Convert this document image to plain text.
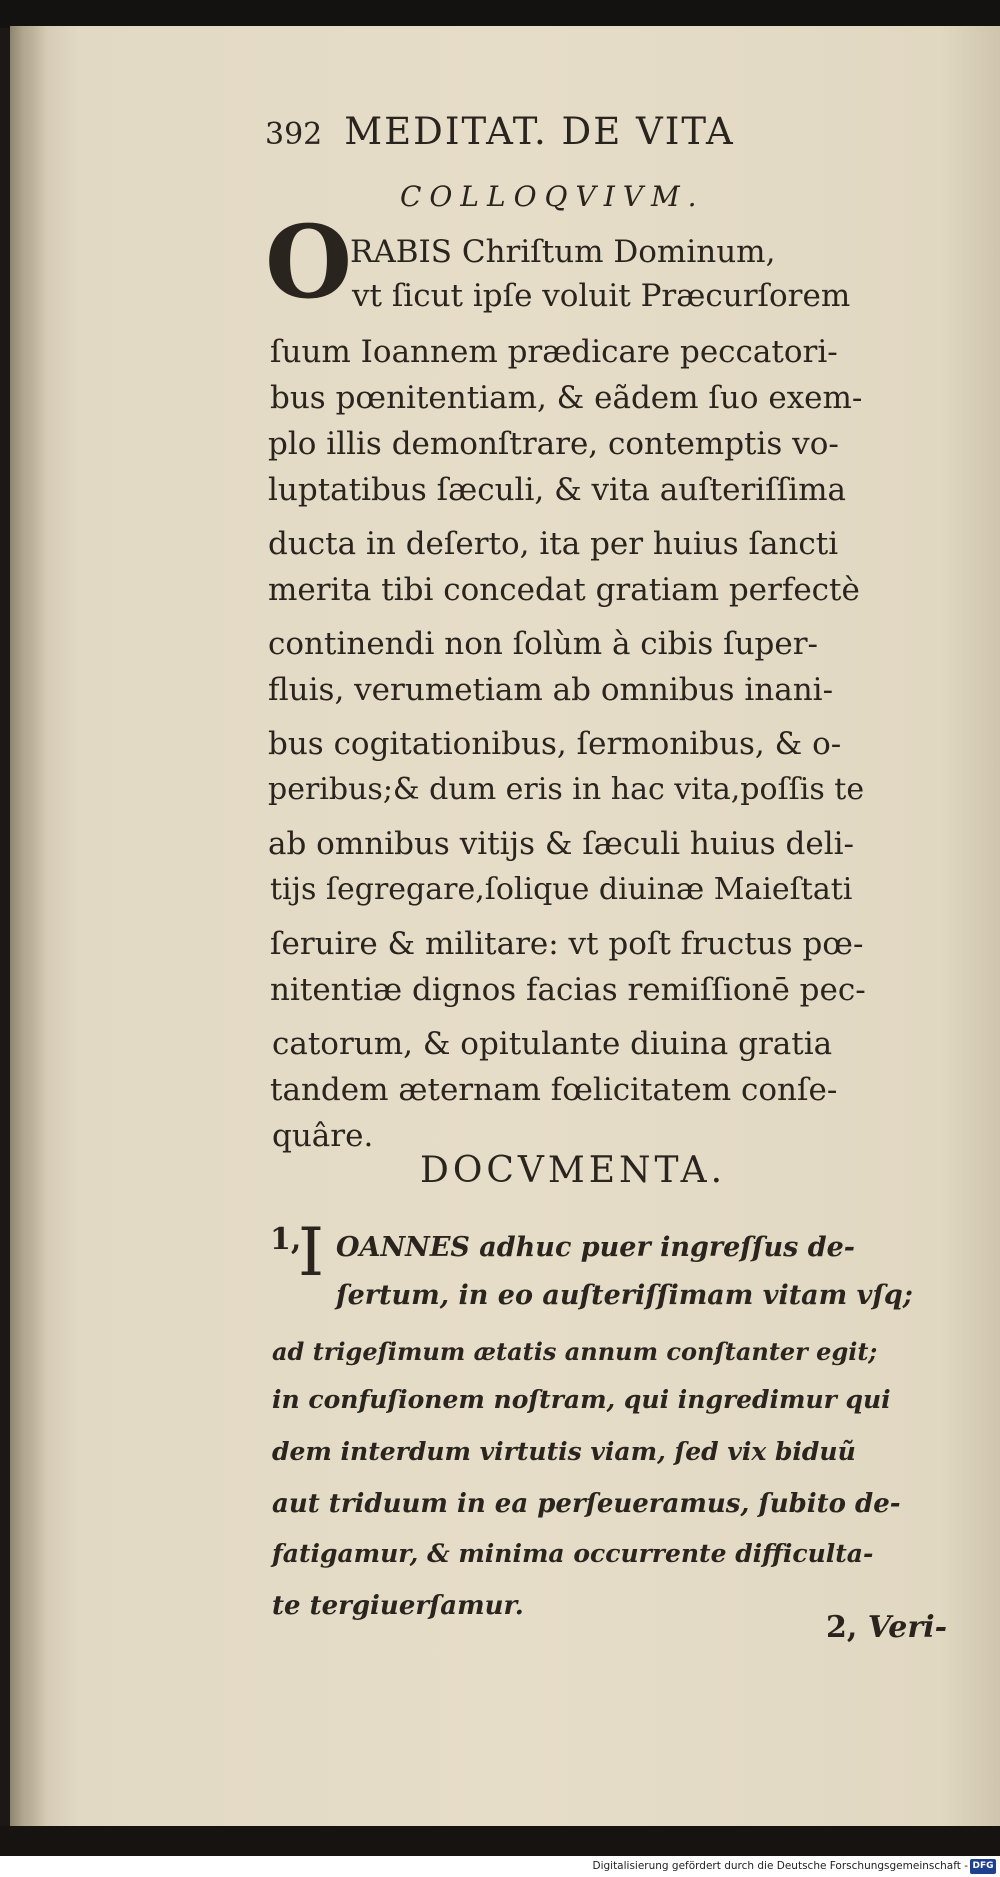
392 MEDITAT. DE VITA
COLLOQVIVM.
O
RABIS Chriſtum Dominum,
vt ſicut ipſe voluit Præcurſorem
ſuum Ioannem prædicare peccatori-
bus pœnitentiam, & eãdem ſuo exem-
plo illis demonſtrare, contemptis vo-
luptatibus ſæculi, & vita auſteriſſima
ducta in deſerto, ita per huius ſancti
merita tibi concedat gratiam perfectè
continendi non ſolùm à cibis ſuper-
fluis, verumetiam ab omnibus inani-
bus cogitationibus, ſermonibus, & o-
peribus;& dum eris in hac vita,poſſis te
ab omnibus vitijs & ſæculi huius deli-
tijs ſegregare,ſolique diuinæ Maieſtati
ſeruire & militare: vt poſt fructus pœ-
nitentiæ dignos facias remiſſionē pec-
catorum, & opitulante diuina gratia
tandem æternam fœlicitatem conſe-
quâre.
DOCVMENTA.
1,
I OANNES adhuc puer ingreſſus de-
ſertum, in eo auſteriſſimam vitam vſq;
ad trigeſimum ætatis annum conſtanter egit;
in confuſionem noſtram, qui ingredimur qui
dem interdum virtutis viam, ſed vix biduũ
aut triduum in ea perſeueramus, ſubito de-
fatigamur, & minima occurrente difficulta-
te tergiuerſamur.
2, Veri-
Digitalisierung gefördert durch die Deutsche Forschungsgemeinschaft - DFG
